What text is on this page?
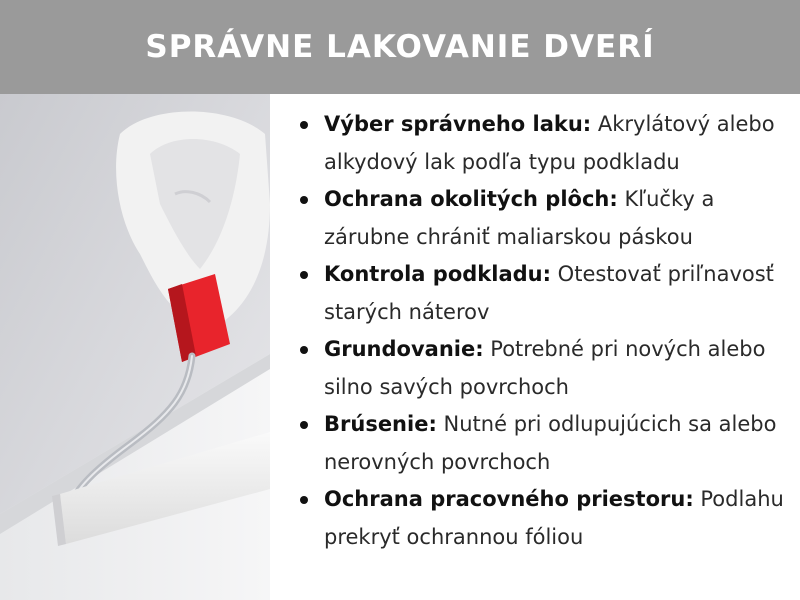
SPRÁVNE LAKOVANIE DVERÍ
Výber správneho laku: Akrylátový alebo alkydový lak podľa typu podkladu
Ochrana okolitých plôch: Kľučky a zárubne chrániť maliarskou páskou
Kontrola podkladu: Otestovať priľnavosť starých náterov
Grundovanie: Potrebné pri nových alebo silno savých povrchoch
Brúsenie: Nutné pri odlupujúcich sa alebo nerovných povrchoch
Ochrana pracovného priestoru: Podlahu prekryť ochrannou fóliou
